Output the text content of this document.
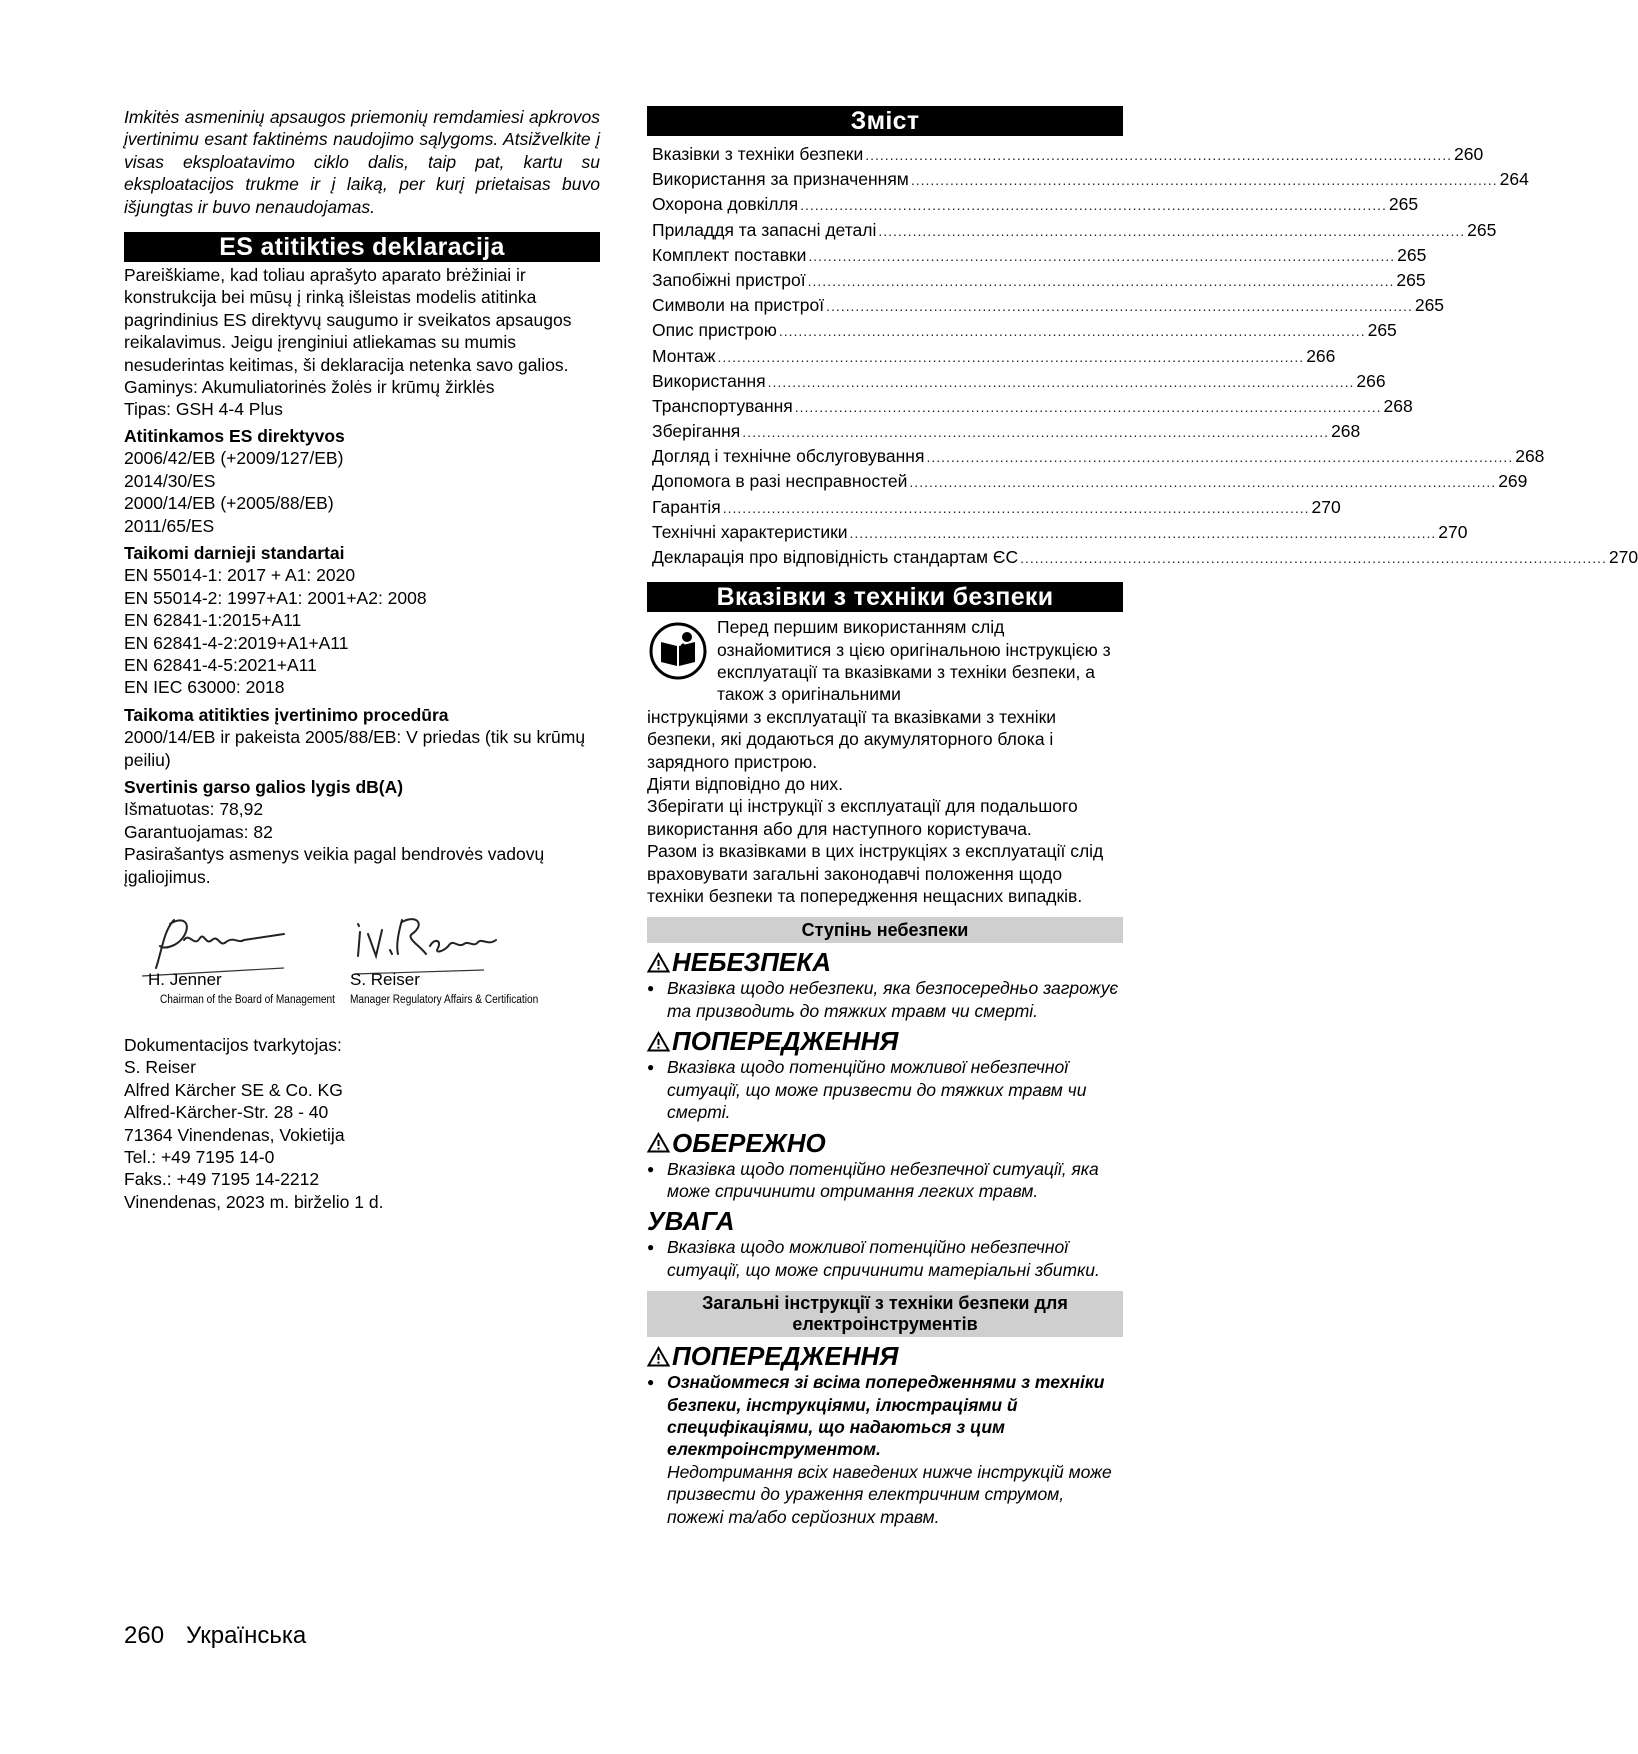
Imkitės asmeninių apsaugos priemonių remdamiesi apkrovos įvertinimu esant faktinėms naudojimo sąlygoms. Atsižvelkite į visas eksploatavimo ciklo dalis, taip pat, kartu su eksploatacijos trukme ir į laiką, per kurį prietaisas buvo išjungtas ir buvo nenaudojamas.

ES atitikties deklaracija

Pareiškiame, kad toliau aprašyto aparato brėžiniai ir konstrukcija bei mūsų į rinką išleistas modelis atitinka pagrindinius ES direktyvų saugumo ir sveikatos apsaugos reikalavimus. Jeigu įrenginiui atliekamas su mumis nesuderintas keitimas, ši deklaracija netenka savo galios.

Gaminys: Akumuliatorinės žolės ir krūmų žirklės

Tipas: GSH 4-4 Plus

Atitinkamos ES direktyvos

2006/42/EB (+2009/127/EB)

2014/30/ES

2000/14/EB (+2005/88/EB)

2011/65/ES

Taikomi darnieji standartai

EN 55014-1: 2017 + A1: 2020

EN 55014-2: 1997+A1: 2001+A2: 2008

EN 62841-1:2015+A11

EN 62841-4-2:2019+A1+A11

EN 62841-4-5:2021+A11

EN IEC 63000: 2018

Taikoma atitikties įvertinimo procedūra

2000/14/EB ir pakeista 2005/88/EB: V priedas (tik su krūmų peiliu)

Svertinis garso galios lygis dB(A)

Išmatuotas: 78,92

Garantuojamas: 82

Pasirašantys asmenys veikia pagal bendrovės vadovų įgaliojimus.

H. Jenner
Chairman of the Board of Management
S. Reiser
Manager Regulatory Affairs & Certification

Dokumentacijos tvarkytojas:

S. Reiser

Alfred Kärcher SE & Co. KG

Alfred-Kärcher-Str. 28 - 40

71364 Vinendenas, Vokietija

Tel.: +49 7195 14-0

Faks.: +49 7195 14-2212

Vinendenas, 2023 m. birželio 1 d.

Зміст
Вказівки з техніки безпеки ........................................................................................................................ 260
Використання за призначенням ........................................................................................................................ 264
Охорона довкілля ........................................................................................................................ 265
Приладдя та запасні деталі ........................................................................................................................ 265
Комплект поставки ........................................................................................................................ 265
Запобіжні пристрої ........................................................................................................................ 265
Символи на пристрої ........................................................................................................................ 265
Опис пристрою ........................................................................................................................ 265
Монтаж ........................................................................................................................ 266
Використання ........................................................................................................................ 266
Транспортування ........................................................................................................................ 268
Зберігання ........................................................................................................................ 268
Догляд і технічне обслуговування ........................................................................................................................ 268
Допомога в разі несправностей ........................................................................................................................ 269
Гарантія ........................................................................................................................ 270
Технічні характеристики ........................................................................................................................ 270
Декларація про відповідність стандартам ЄС ........................................................................................................................ 270
Вказівки з техніки безпеки

Перед першим використанням слід ознайомитися з цією оригінальною інструкцією з експлуатації та вказівками з техніки безпеки, а також з оригінальними

інструкціями з експлуатації та вказівками з техніки безпеки, які додаються до акумуляторного блока і зарядного пристрою.

Діяти відповідно до них.

Зберігати ці інструкції з експлуатації для подальшого використання або для наступного користувача.

Разом із вказівками в цих інструкціях з експлуатації слід враховувати загальні законодавчі положення щодо техніки безпеки та попередження нещасних випадків.

Ступінь небезпеки
НЕБЕЗПЕКА

● Вказівка щодо небезпеки, яка безпосередньо загрожує та призводить до тяжких травм чи смерті.

ПОПЕРЕДЖЕННЯ

● Вказівка щодо потенційно можливої небезпечної ситуації, що може призвести до тяжких травм чи смерті.

ОБЕРЕЖНО

● Вказівка щодо потенційно небезпечної ситуації, яка може спричинити отримання легких травм.

УВАГА

● Вказівка щодо можливої потенційно небезпечної ситуації, що може спричинити матеріальні збитки.

Загальні інструкції з техніки безпеки для електроінструментів
ПОПЕРЕДЖЕННЯ

● Ознайомтеся зі всіма попередженнями з техніки безпеки, інструкціями, ілюстраціями й специфікаціями, що надаються з цим електроінструментом.

Недотримання всіх наведених нижче інструкцій може призвести до ураження електричним струмом, пожежі та/або серйозних травм.

260 Українська
